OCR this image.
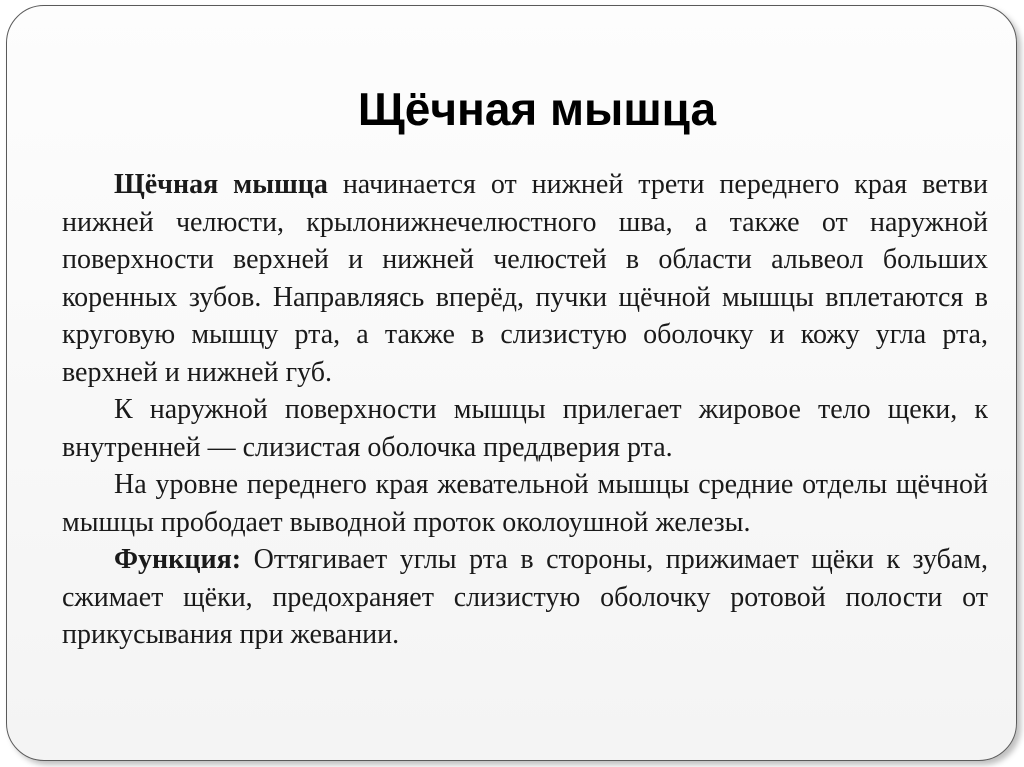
Щёчная мышца

Щёчная мышца начинается от нижней трети переднего края ветви нижней челюсти, крылонижнечелюстного шва, а также от наружной поверхности верхней и нижней челюстей в области альвеол больших коренных зубов. Направляясь вперёд, пучки щёчной мышцы вплетаются в круговую мышцу рта, а также в слизистую оболочку и кожу угла рта, верхней и нижней губ.

К наружной поверхности мышцы прилегает жировое тело щеки, к внутренней — слизистая оболочка преддверия рта.

На уровне переднего края жевательной мышцы средние отделы щёчной мышцы прободает выводной проток околоушной железы.

Функция: Оттягивает углы рта в стороны, прижимает щёки к зубам, сжимает щёки, предохраняет слизистую оболочку ротовой полости от прикусывания при жевании.
